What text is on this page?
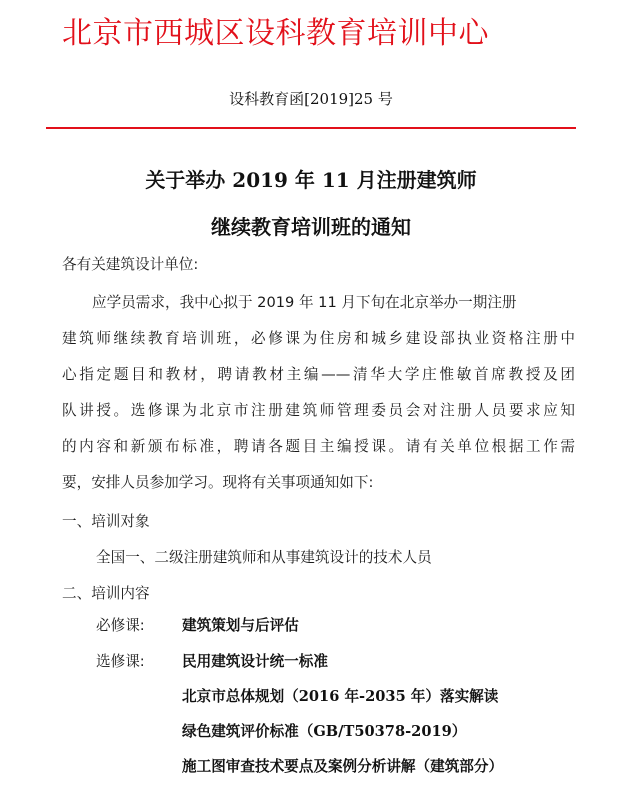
北京市西城区设科教育培训中心
设科教育函[2019]25 号
关于举办 2019 年 11 月注册建筑师
继续教育培训班的通知
各有关建筑设计单位:
应学员需求，我中心拟于 2019 年 11 月下旬在北京举办一期注册
建筑师继续教育培训班，必修课为住房和城乡建设部执业资格注册中
心指定题目和教材，聘请教材主编——清华大学庄惟敏首席教授及团
队讲授。选修课为北京市注册建筑师管理委员会对注册人员要求应知
的内容和新颁布标准，聘请各题目主编授课。请有关单位根据工作需
要，安排人员参加学习。现将有关事项通知如下:
一、培训对象
全国一、二级注册建筑师和从事建筑设计的技术人员
二、培训内容
必修课:	建筑策划与后评估
选修课:	民用建筑设计统一标准
北京市总体规划（2016 年-2035 年）落实解读
绿色建筑评价标准（GB/T50378-2019）
施工图审查技术要点及案例分析讲解（建筑部分）
